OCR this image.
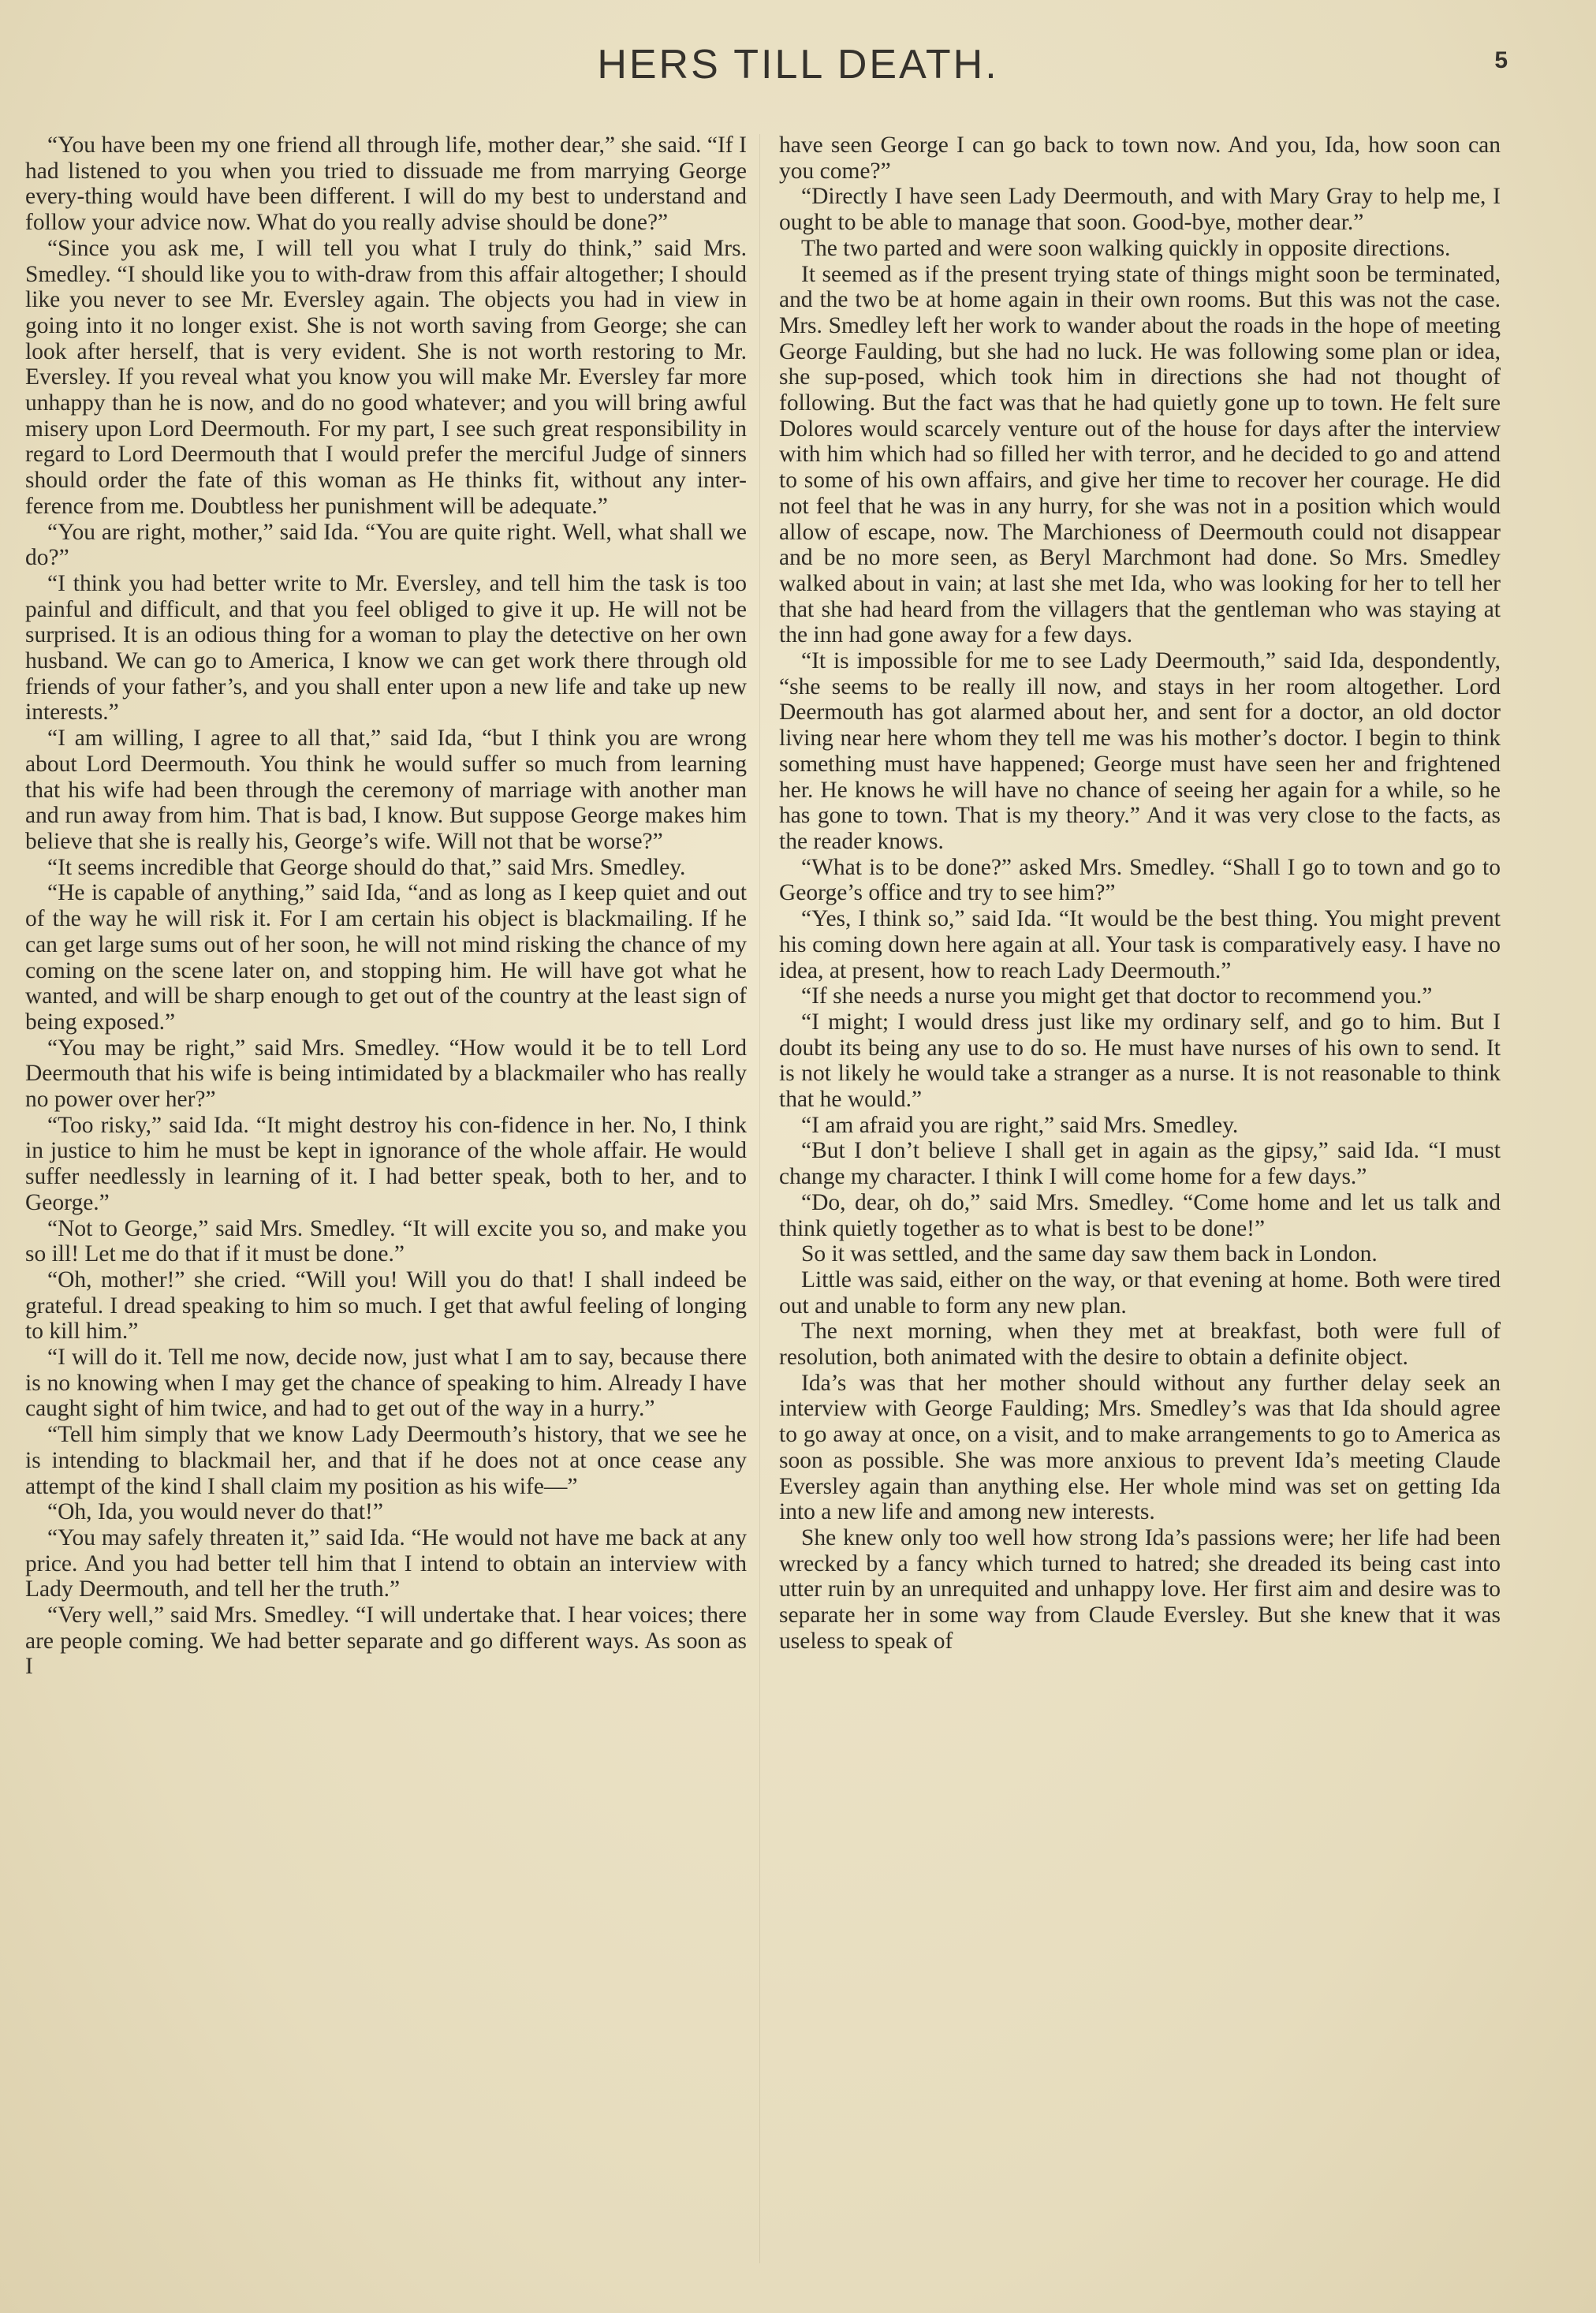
HERS TILL DEATH.	5

“You have been my one friend all through life, mother dear,” she said. “If I had listened to you when you tried to dissuade me from marrying George every-thing would have been different. I will do my best to understand and follow your advice now. What do you really advise should be done?”

“Since you ask me, I will tell you what I truly do think,” said Mrs. Smedley. “I should like you to with-draw from this affair altogether; I should like you never to see Mr. Eversley again. The objects you had in view in going into it no longer exist. She is not worth saving from George; she can look after herself, that is very evident. She is not worth restoring to Mr. Eversley. If you reveal what you know you will make Mr. Eversley far more unhappy than he is now, and do no good whatever; and you will bring awful misery upon Lord Deermouth. For my part, I see such great responsibility in regard to Lord Deermouth that I would prefer the merciful Judge of sinners should order the fate of this woman as He thinks fit, without any inter-ference from me. Doubtless her punishment will be adequate.”

“You are right, mother,” said Ida. “You are quite right. Well, what shall we do?”

“I think you had better write to Mr. Eversley, and tell him the task is too painful and difficult, and that you feel obliged to give it up. He will not be surprised. It is an odious thing for a woman to play the detective on her own husband. We can go to America, I know we can get work there through old friends of your father’s, and you shall enter upon a new life and take up new interests.”

“I am willing, I agree to all that,” said Ida, “but I think you are wrong about Lord Deermouth. You think he would suffer so much from learning that his wife had been through the ceremony of marriage with another man and run away from him. That is bad, I know. But suppose George makes him believe that she is really his, George’s wife. Will not that be worse?”

“It seems incredible that George should do that,” said Mrs. Smedley.

“He is capable of anything,” said Ida, “and as long as I keep quiet and out of the way he will risk it. For I am certain his object is blackmailing. If he can get large sums out of her soon, he will not mind risking the chance of my coming on the scene later on, and stopping him. He will have got what he wanted, and will be sharp enough to get out of the country at the least sign of being exposed.”

“You may be right,” said Mrs. Smedley. “How would it be to tell Lord Deermouth that his wife is being intimidated by a blackmailer who has really no power over her?”

“Too risky,” said Ida. “It might destroy his con-fidence in her. No, I think in justice to him he must be kept in ignorance of the whole affair. He would suffer needlessly in learning of it. I had better speak, both to her, and to George.”

“Not to George,” said Mrs. Smedley. “It will excite you so, and make you so ill! Let me do that if it must be done.”

“Oh, mother!” she cried. “Will you! Will you do that! I shall indeed be grateful. I dread speaking to him so much. I get that awful feeling of longing to kill him.”

“I will do it. Tell me now, decide now, just what I am to say, because there is no knowing when I may get the chance of speaking to him. Already I have caught sight of him twice, and had to get out of the way in a hurry.”

“Tell him simply that we know Lady Deermouth’s history, that we see he is intending to blackmail her, and that if he does not at once cease any attempt of the kind I shall claim my position as his wife—”

“Oh, Ida, you would never do that!”

“You may safely threaten it,” said Ida. “He would not have me back at any price. And you had better tell him that I intend to obtain an interview with Lady Deermouth, and tell her the truth.”

“Very well,” said Mrs. Smedley. “I will undertake that. I hear voices; there are people coming. We had better separate and go different ways. As soon as I

have seen George I can go back to town now. And you, Ida, how soon can you come?”

“Directly I have seen Lady Deermouth, and with Mary Gray to help me, I ought to be able to manage that soon. Good-bye, mother dear.”

The two parted and were soon walking quickly in opposite directions.

It seemed as if the present trying state of things might soon be terminated, and the two be at home again in their own rooms. But this was not the case. Mrs. Smedley left her work to wander about the roads in the hope of meeting George Faulding, but she had no luck. He was following some plan or idea, she sup-posed, which took him in directions she had not thought of following. But the fact was that he had quietly gone up to town. He felt sure Dolores would scarcely venture out of the house for days after the interview with him which had so filled her with terror, and he decided to go and attend to some of his own affairs, and give her time to recover her courage. He did not feel that he was in any hurry, for she was not in a position which would allow of escape, now. The Marchioness of Deermouth could not disappear and be no more seen, as Beryl Marchmont had done. So Mrs. Smedley walked about in vain; at last she met Ida, who was looking for her to tell her that she had heard from the villagers that the gentleman who was staying at the inn had gone away for a few days.

“It is impossible for me to see Lady Deermouth,” said Ida, despondently, “she seems to be really ill now, and stays in her room altogether. Lord Deermouth has got alarmed about her, and sent for a doctor, an old doctor living near here whom they tell me was his mother’s doctor. I begin to think something must have happened; George must have seen her and frightened her. He knows he will have no chance of seeing her again for a while, so he has gone to town. That is my theory.” And it was very close to the facts, as the reader knows.

“What is to be done?” asked Mrs. Smedley. “Shall I go to town and go to George’s office and try to see him?”

“Yes, I think so,” said Ida. “It would be the best thing. You might prevent his coming down here again at all. Your task is comparatively easy. I have no idea, at present, how to reach Lady Deermouth.”

“If she needs a nurse you might get that doctor to recommend you.”

“I might; I would dress just like my ordinary self, and go to him. But I doubt its being any use to do so. He must have nurses of his own to send. It is not likely he would take a stranger as a nurse. It is not reasonable to think that he would.”

“I am afraid you are right,” said Mrs. Smedley.

“But I don’t believe I shall get in again as the gipsy,” said Ida. “I must change my character. I think I will come home for a few days.”

“Do, dear, oh do,” said Mrs. Smedley. “Come home and let us talk and think quietly together as to what is best to be done!”

So it was settled, and the same day saw them back in London.

Little was said, either on the way, or that evening at home. Both were tired out and unable to form any new plan.

The next morning, when they met at breakfast, both were full of resolution, both animated with the desire to obtain a definite object.

Ida’s was that her mother should without any further delay seek an interview with George Faulding; Mrs. Smedley’s was that Ida should agree to go away at once, on a visit, and to make arrangements to go to America as soon as possible. She was more anxious to prevent Ida’s meeting Claude Eversley again than anything else. Her whole mind was set on getting Ida into a new life and among new interests.

She knew only too well how strong Ida’s passions were; her life had been wrecked by a fancy which turned to hatred; she dreaded its being cast into utter ruin by an unrequited and unhappy love. Her first aim and desire was to separate her in some way from Claude Eversley. But she knew that it was useless to speak of
